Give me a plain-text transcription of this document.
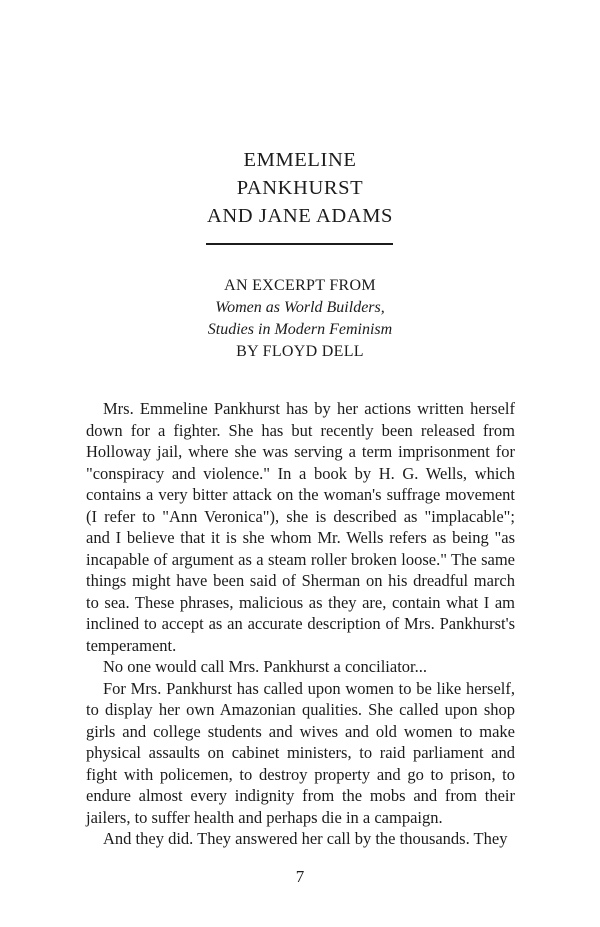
EMMELINE
PANKHURST
AND JANE ADAMS
AN EXCERPT FROM
Women as World Builders,
Studies in Modern Feminism
BY FLOYD DELL

Mrs. Emmeline Pankhurst has by her actions written herself down for a fighter. She has but recently been released from Holloway jail, where she was serving a term imprisonment for "conspiracy and violence." In a book by H. G. Wells, which contains a very bitter attack on the woman's suffrage movement (I refer to "Ann Veronica"), she is described as "implacable"; and I believe that it is she whom Mr. Wells refers as being "as incapable of argument as a steam roller broken loose." The same things might have been said of Sherman on his dreadful march to sea. These phrases, malicious as they are, contain what I am inclined to accept as an accurate description of Mrs. Pankhurst's temperament.

No one would call Mrs. Pankhurst a conciliator...

For Mrs. Pankhurst has called upon women to be like herself, to display her own Amazonian qualities. She called upon shop girls and college students and wives and old women to make physical assaults on cabinet ministers, to raid parliament and fight with policemen, to destroy property and go to prison, to endure almost every indignity from the mobs and from their jailers, to suffer health and perhaps die in a campaign.

And they did. They answered her call by the thousands. They

7
